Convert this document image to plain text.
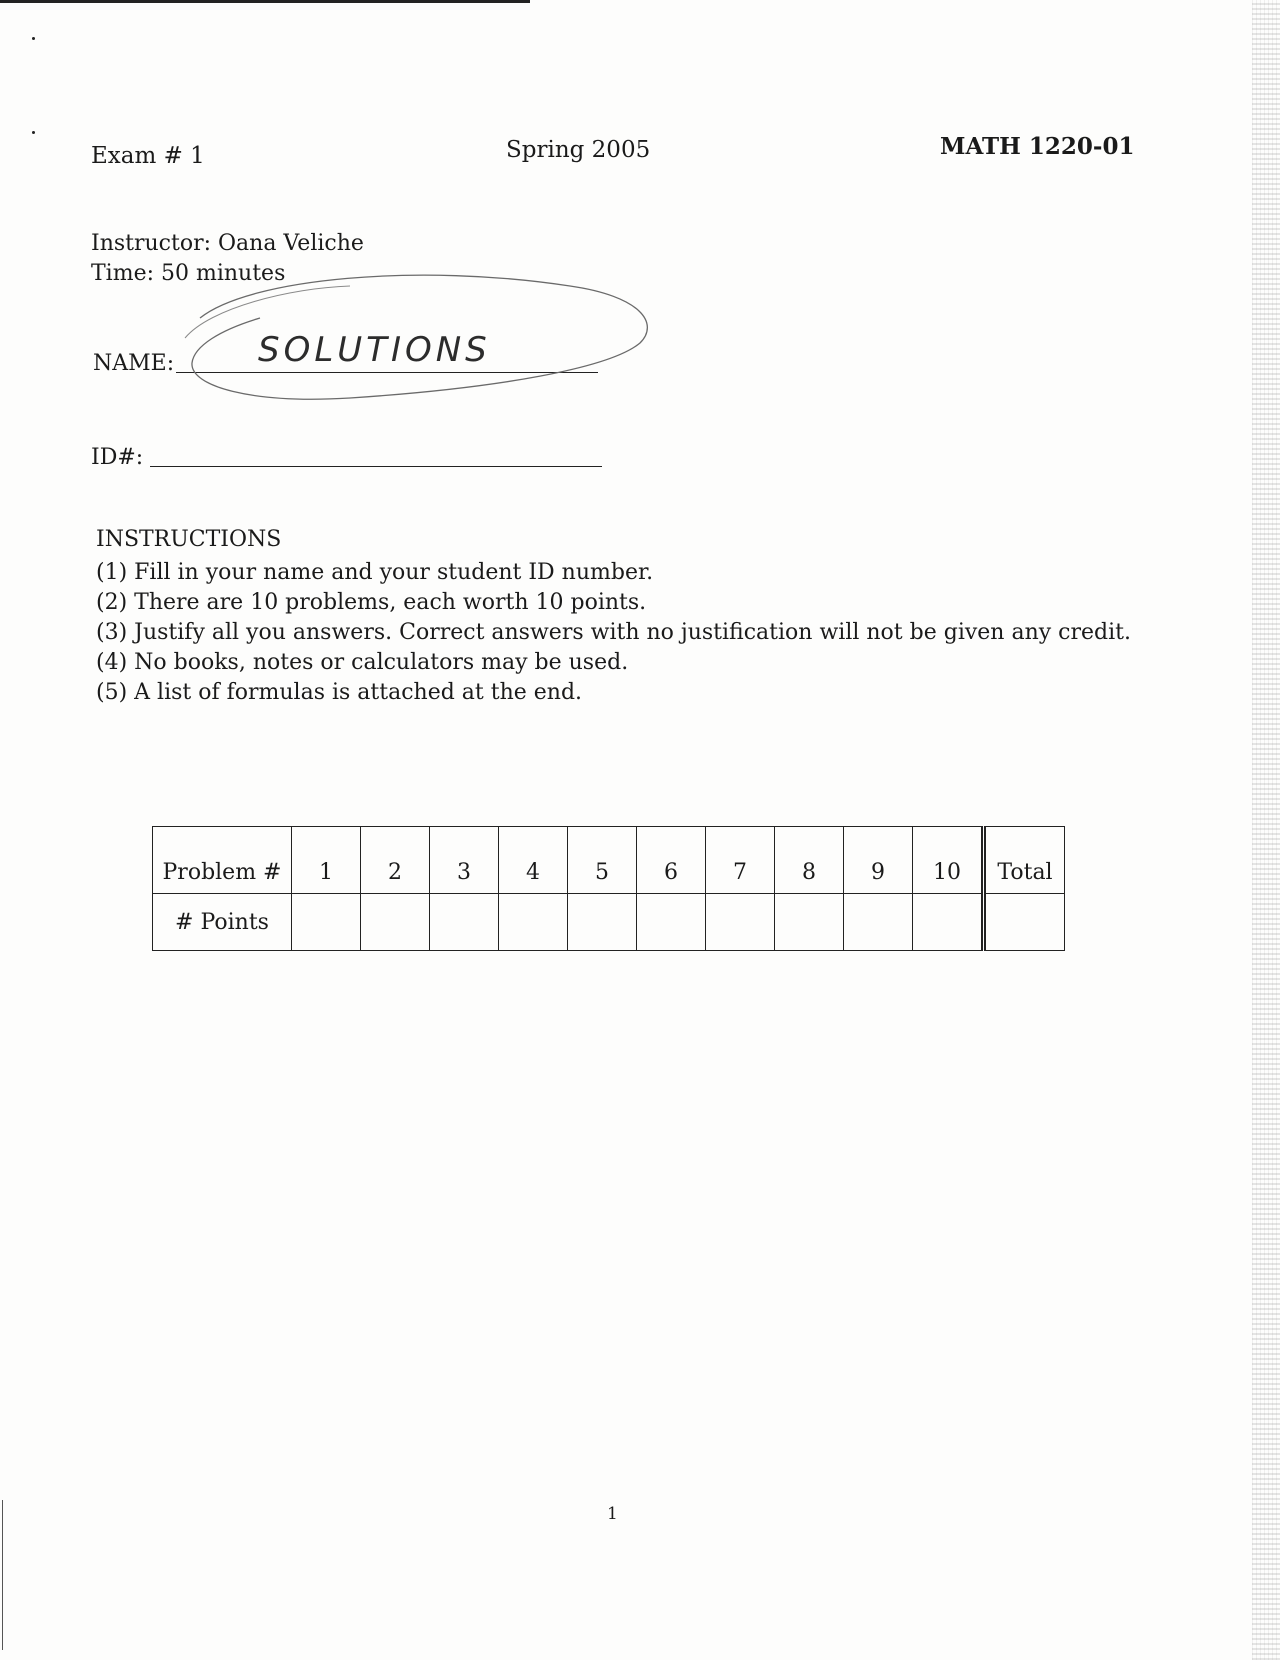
Exam # 1	Spring 2005	MATH 1220-01
Instructor: Oana Veliche
Time: 50 minutes
NAME: SOLUTIONS
ID#:
INSTRUCTIONS
(1) Fill in your name and your student ID number.
(2) There are 10 problems, each worth 10 points.
(3) Justify all you answers. Correct answers with no justification will not be given any credit.
(4) No books, notes or calculators may be used.
(5) A list of formulas is attached at the end.
Problem #	1	2	3	4	5	6	7	8	9	10	Total
# Points											
1
